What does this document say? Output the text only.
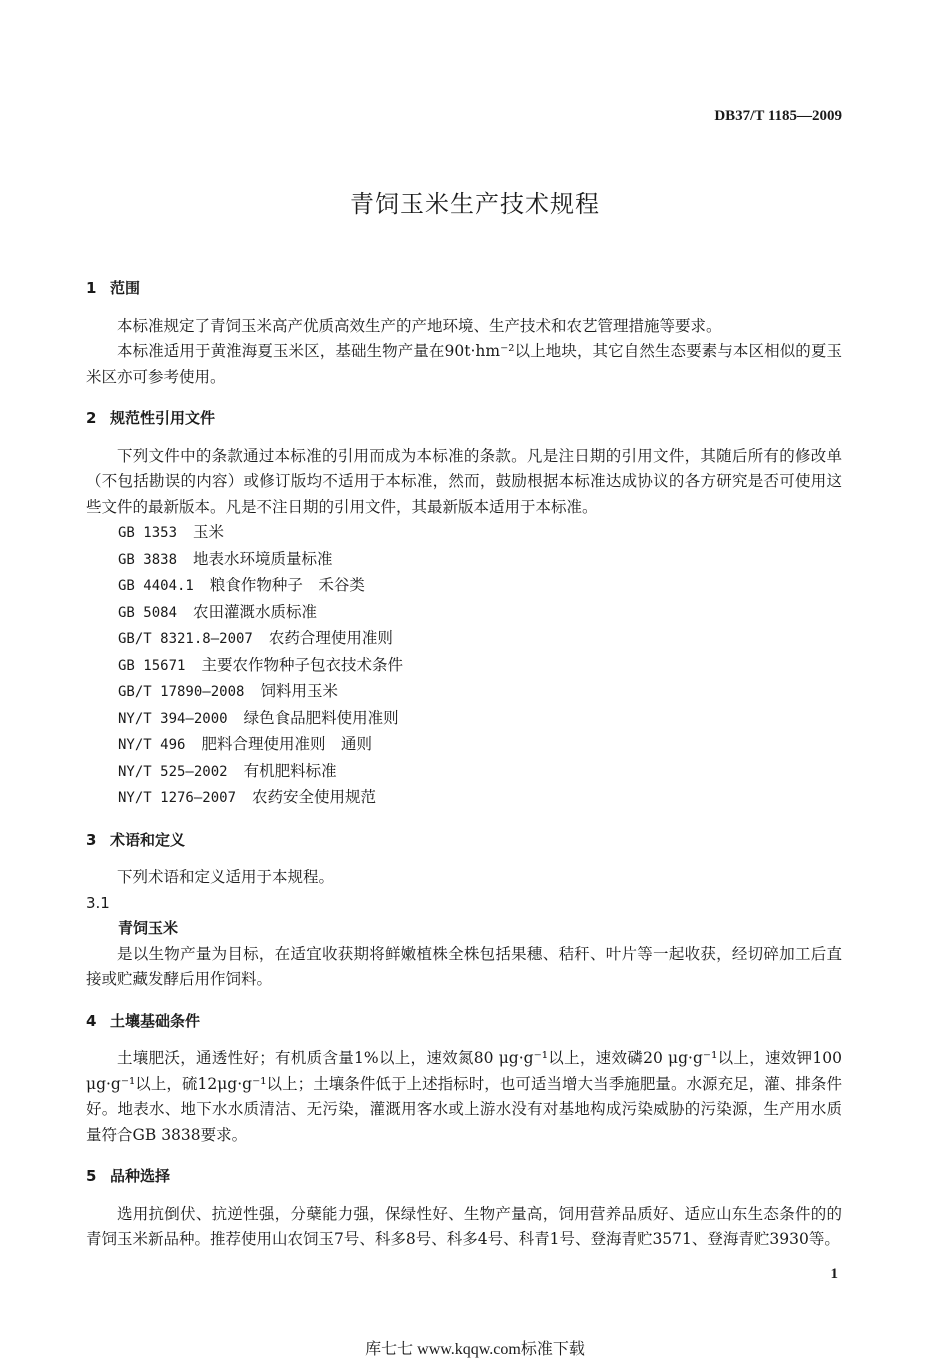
DB37/T 1185—2009
青饲玉米生产技术规程

1 范围

本标准规定了青饲玉米高产优质高效生产的产地环境、生产技术和农艺管理措施等要求。

本标准适用于黄淮海夏玉米区，基础生物产量在90t·hm⁻²以上地块，其它自然生态要素与本区相似的夏玉米区亦可参考使用。

2 规范性引用文件

下列文件中的条款通过本标准的引用而成为本标准的条款。凡是注日期的引用文件，其随后所有的修改单（不包括勘误的内容）或修订版均不适用于本标准，然而，鼓励根据本标准达成协议的各方研究是否可使用这些文件的最新版本。凡是不注日期的引用文件，其最新版本适用于本标准。

GB 1353 玉米

GB 3838 地表水环境质量标准

GB 4404.1 粮食作物种子　禾谷类

GB 5084 农田灌溉水质标准

GB/T 8321.8—2007 农药合理使用准则

GB 15671 主要农作物种子包衣技术条件

GB/T 17890—2008 饲料用玉米

NY/T 394—2000 绿色食品肥料使用准则

NY/T 496 肥料合理使用准则　通则

NY/T 525—2002 有机肥料标准

NY/T 1276—2007 农药安全使用规范

3 术语和定义

下列术语和定义适用于本规程。

3.1

青饲玉米

是以生物产量为目标，在适宜收获期将鲜嫩植株全株包括果穗、秸秆、叶片等一起收获，经切碎加工后直接或贮藏发酵后用作饲料。

4 土壤基础条件

土壤肥沃，通透性好；有机质含量1%以上，速效氮80 μg·g⁻¹以上，速效磷20 μg·g⁻¹以上，速效钾100 μg·g⁻¹以上，硫12μg·g⁻¹以上；土壤条件低于上述指标时，也可适当增大当季施肥量。水源充足，灌、排条件好。地表水、地下水水质清洁、无污染，灌溉用客水或上游水没有对基地构成污染威胁的污染源，生产用水质量符合GB 3838要求。

5 品种选择

选用抗倒伏、抗逆性强，分蘖能力强，保绿性好、生物产量高，饲用营养品质好、适应山东生态条件的的青饲玉米新品种。推荐使用山农饲玉7号、科多8号、科多4号、科青1号、登海青贮3571、登海青贮3930等。

1
库七七 www.kqqw.com标准下载
